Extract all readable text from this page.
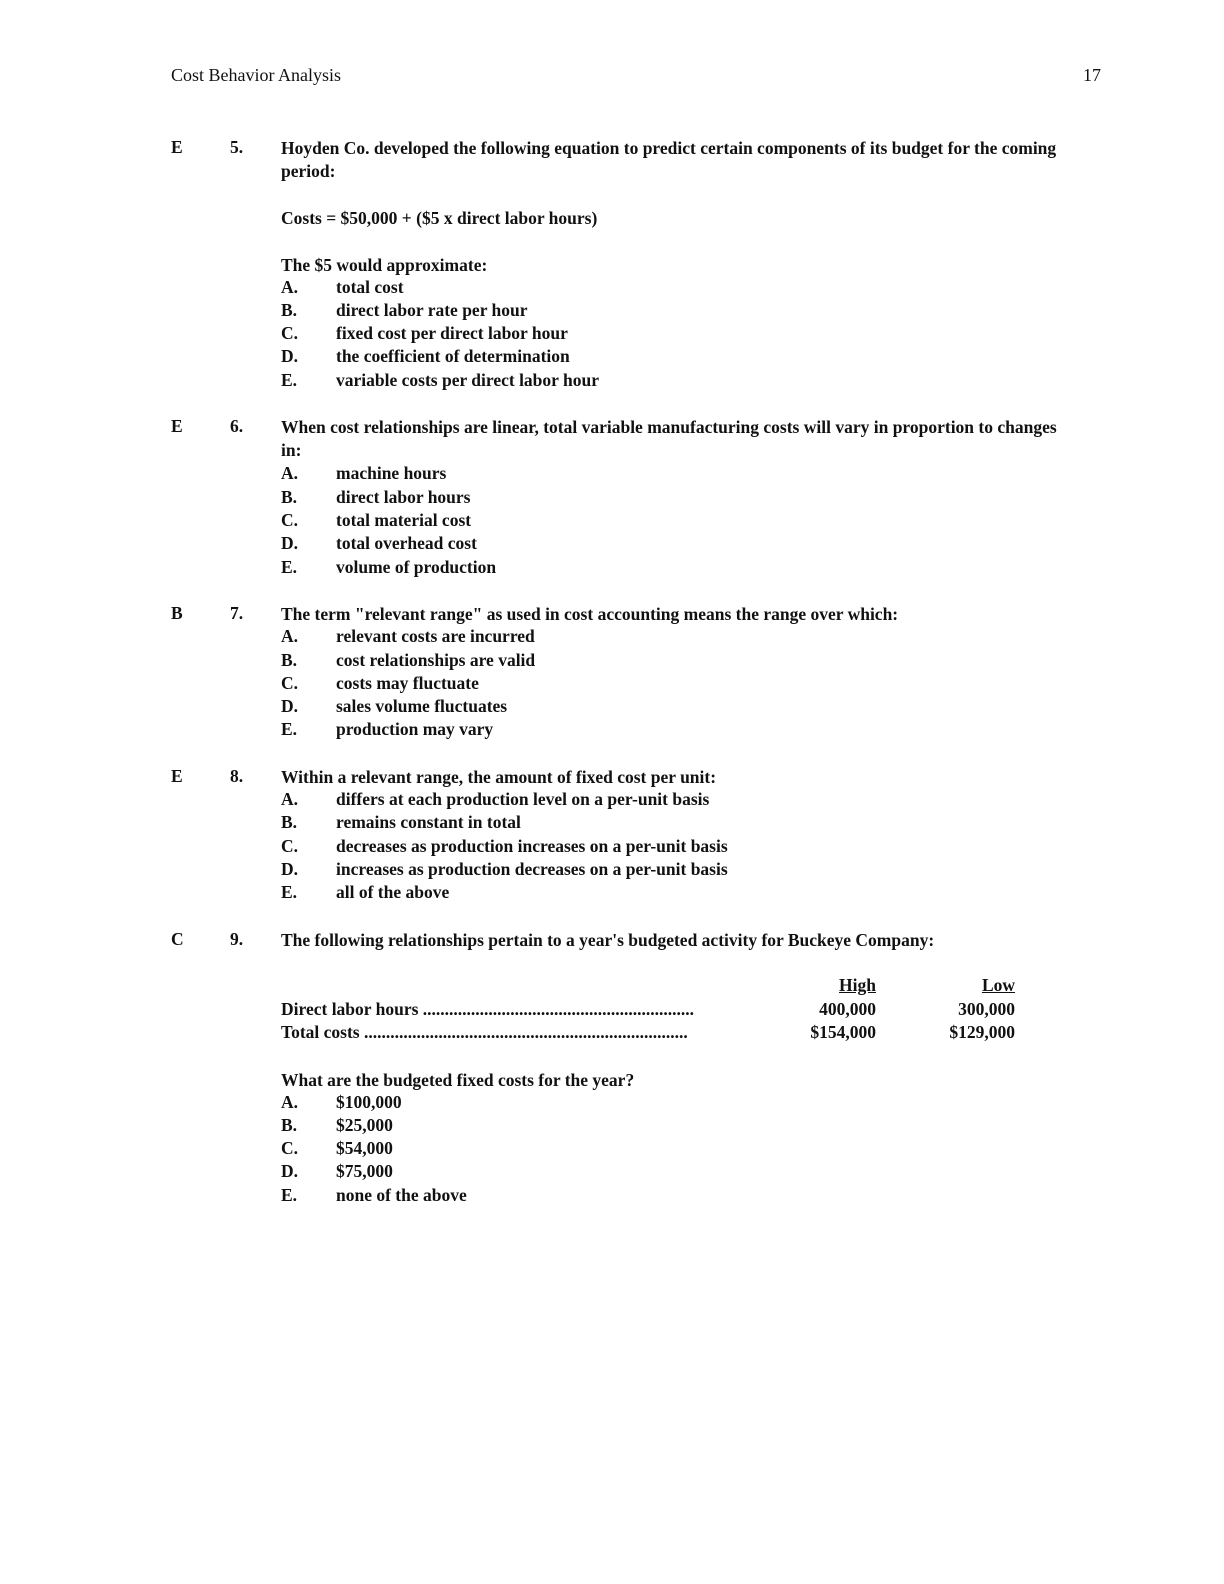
Cost Behavior Analysis	17
E	5. Hoyden Co. developed the following equation to predict certain components of its budget for the coming period:
Costs = $50,000 + ($5 x direct labor hours)
The $5 would approximate:
A. total cost
B. direct labor rate per hour
C. fixed cost per direct labor hour
D. the coefficient of determination
E. variable costs per direct labor hour
E	6. When cost relationships are linear, total variable manufacturing costs will vary in proportion to changes in:
A. machine hours
B. direct labor hours
C. total material cost
D. total overhead cost
E. volume of production
B	7. The term "relevant range" as used in cost accounting means the range over which:
A. relevant costs are incurred
B. cost relationships are valid
C. costs may fluctuate
D. sales volume fluctuates
E. production may vary
E	8. Within a relevant range, the amount of fixed cost per unit:
A. differs at each production level on a per-unit basis
B. remains constant in total
C. decreases as production increases on a per-unit basis
D. increases as production decreases on a per-unit basis
E. all of the above
C	9. The following relationships pertain to a year's budgeted activity for Buckeye Company:
High	Low
Direct labor hours ..............................................................	400,000	300,000
Total costs ..........................................................................	$154,000	$129,000
What are the budgeted fixed costs for the year?
A. $100,000
B. $25,000
C. $54,000
D. $75,000
E. none of the above
